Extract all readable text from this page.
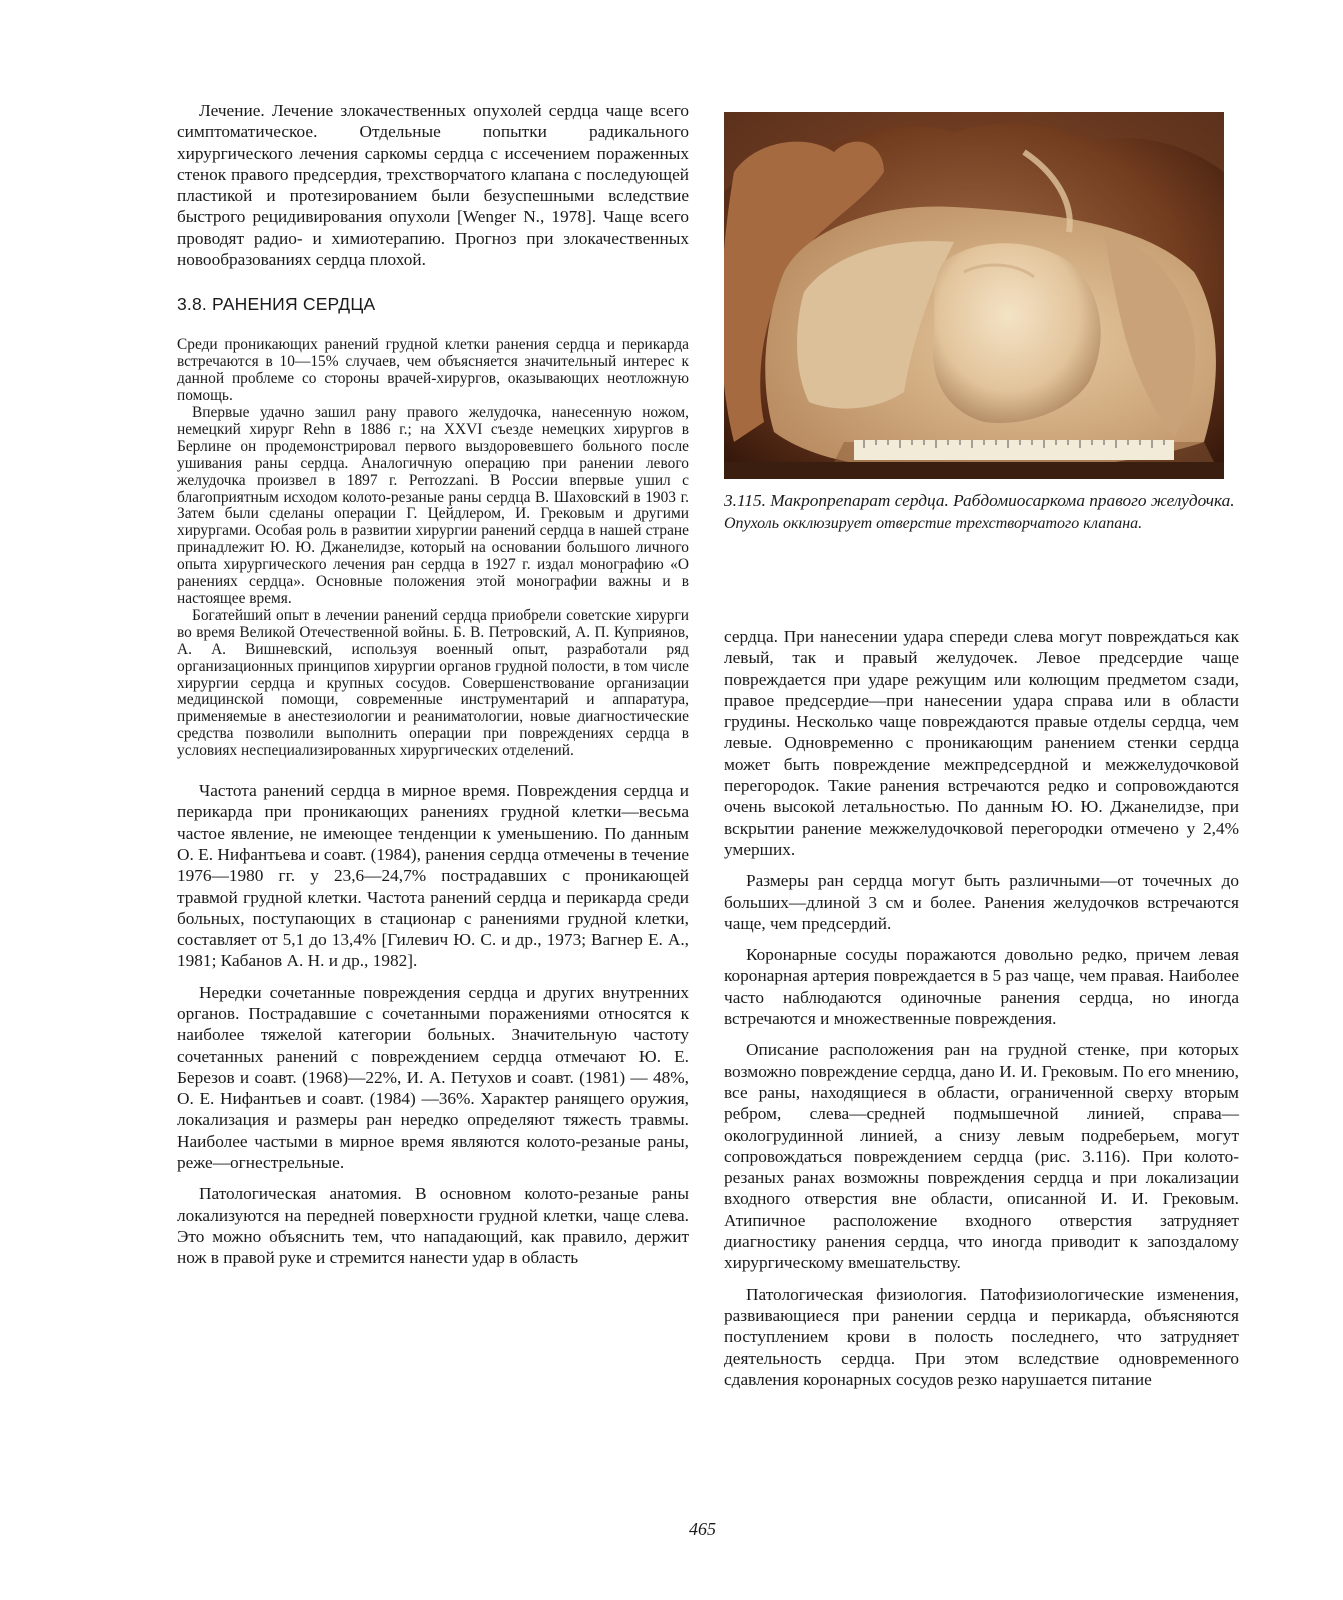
Лечение. Лечение злокачественных опухолей сердца чаще всего симптоматическое. Отдельные попытки радикального хирургического лечения саркомы сердца с иссечением пораженных стенок правого предсердия, трехстворчатого клапана с последующей пластикой и протезированием были безуспешными вследствие быстрого рецидивирования опухоли [Wenger N., 1978]. Чаще всего проводят радио- и химиотерапию. Прогноз при злокачественных новообразованиях сердца плохой.

3.8. РАНЕНИЯ СЕРДЦА

Среди проникающих ранений грудной клетки ранения сердца и перикарда встречаются в 10—15% случаев, чем объясняется значительный интерес к данной проблеме со стороны врачей-хирургов, оказывающих неотложную помощь.

Впервые удачно зашил рану правого желудочка, нанесенную ножом, немецкий хирург Rehn в 1886 г.; на XXVI съезде немецких хирургов в Берлине он продемонстрировал первого выздоровевшего больного после ушивания раны сердца. Аналогичную операцию при ранении левого желудочка произвел в 1897 г. Perrozzani. В России впервые ушил с благоприятным исходом колото-резаные раны сердца В. Шаховский в 1903 г. Затем были сделаны операции Г. Цейдлером, И. Грековым и другими хирургами. Особая роль в развитии хирургии ранений сердца в нашей стране принадлежит Ю. Ю. Джанелидзе, который на основании большого личного опыта хирургического лечения ран сердца в 1927 г. издал монографию «О ранениях сердца». Основные положения этой монографии важны и в настоящее время.

Богатейший опыт в лечении ранений сердца приобрели советские хирурги во время Великой Отечественной войны. Б. В. Петровский, А. П. Куприянов, А. А. Вишневский, используя военный опыт, разработали ряд организационных принципов хирургии органов грудной полости, в том числе хирургии сердца и крупных сосудов. Совершенствование организации медицинской помощи, современные инструментарий и аппаратура, применяемые в анестезиологии и реаниматологии, новые диагностические средства позволили выполнить операции при повреждениях сердца в условиях неспециализированных хирургических отделений.

Частота ранений сердца в мирное время. Повреждения сердца и перикарда при проникающих ранениях грудной клетки—весьма частое явление, не имеющее тенденции к уменьшению. По данным О. Е. Нифантьева и соавт. (1984), ранения сердца отмечены в течение 1976—1980 гг. у 23,6—24,7% пострадавших с проникающей травмой грудной клетки. Частота ранений сердца и перикарда среди больных, поступающих в стационар с ранениями грудной клетки, составляет от 5,1 до 13,4% [Гилевич Ю. С. и др., 1973; Вагнер Е. А., 1981; Кабанов А. Н. и др., 1982].

Нередки сочетанные повреждения сердца и других внутренних органов. Пострадавшие с сочетанными поражениями относятся к наиболее тяжелой категории больных. Значительную частоту сочетанных ранений с повреждением сердца отмечают Ю. Е. Березов и соавт. (1968)—22%, И. А. Петухов и соавт. (1981) — 48%, О. Е. Нифантьев и соавт. (1984) —36%. Характер ранящего оружия, локализация и размеры ран нередко определяют тяжесть травмы. Наиболее частыми в мирное время являются колото-резаные раны, реже—огнестрельные.

Патологическая анатомия. В основном колото-резаные раны локализуются на передней поверхности грудной клетки, чаще слева. Это можно объяснить тем, что нападающий, как правило, держит нож в правой руке и стремится нанести удар в область

3.115. Макропрепарат сердца. Рабдомиосаркома правого желудочка.

Опухоль окклюзирует отверстие трехстворчатого клапана.

сердца. При нанесении удара спереди слева могут повреждаться как левый, так и правый желудочек. Левое предсердие чаще повреждается при ударе режущим или колющим предметом сзади, правое предсердие—при нанесении удара справа или в области грудины. Несколько чаще повреждаются правые отделы сердца, чем левые. Одновременно с проникающим ранением стенки сердца может быть повреждение межпредсердной и межжелудочковой перегородок. Такие ранения встречаются редко и сопровождаются очень высокой летальностью. По данным Ю. Ю. Джанелидзе, при вскрытии ранение межжелудочковой перегородки отмечено у 2,4% умерших.

Размеры ран сердца могут быть различными—от точечных до больших—длиной 3 см и более. Ранения желудочков встречаются чаще, чем предсердий.

Коронарные сосуды поражаются довольно редко, причем левая коронарная артерия повреждается в 5 раз чаще, чем правая. Наиболее часто наблюдаются одиночные ранения сердца, но иногда встречаются и множественные повреждения.

Описание расположения ран на грудной стенке, при которых возможно повреждение сердца, дано И. И. Грековым. По его мнению, все раны, находящиеся в области, ограниченной сверху вторым ребром, слева—средней подмышечной линией, справа—окологрудинной линией, а снизу левым подреберьем, могут сопровождаться повреждением сердца (рис. 3.116). При колото-резаных ранах возможны повреждения сердца и при локализации входного отверстия вне области, описанной И. И. Грековым. Атипичное расположение входного отверстия затрудняет диагностику ранения сердца, что иногда приводит к запоздалому хирургическому вмешательству.

Патологическая физиология. Патофизиологические изменения, развивающиеся при ранении сердца и перикарда, объясняются поступлением крови в полость последнего, что затрудняет деятельность сердца. При этом вследствие одновременного сдавления коронарных сосудов резко нарушается питание

465
